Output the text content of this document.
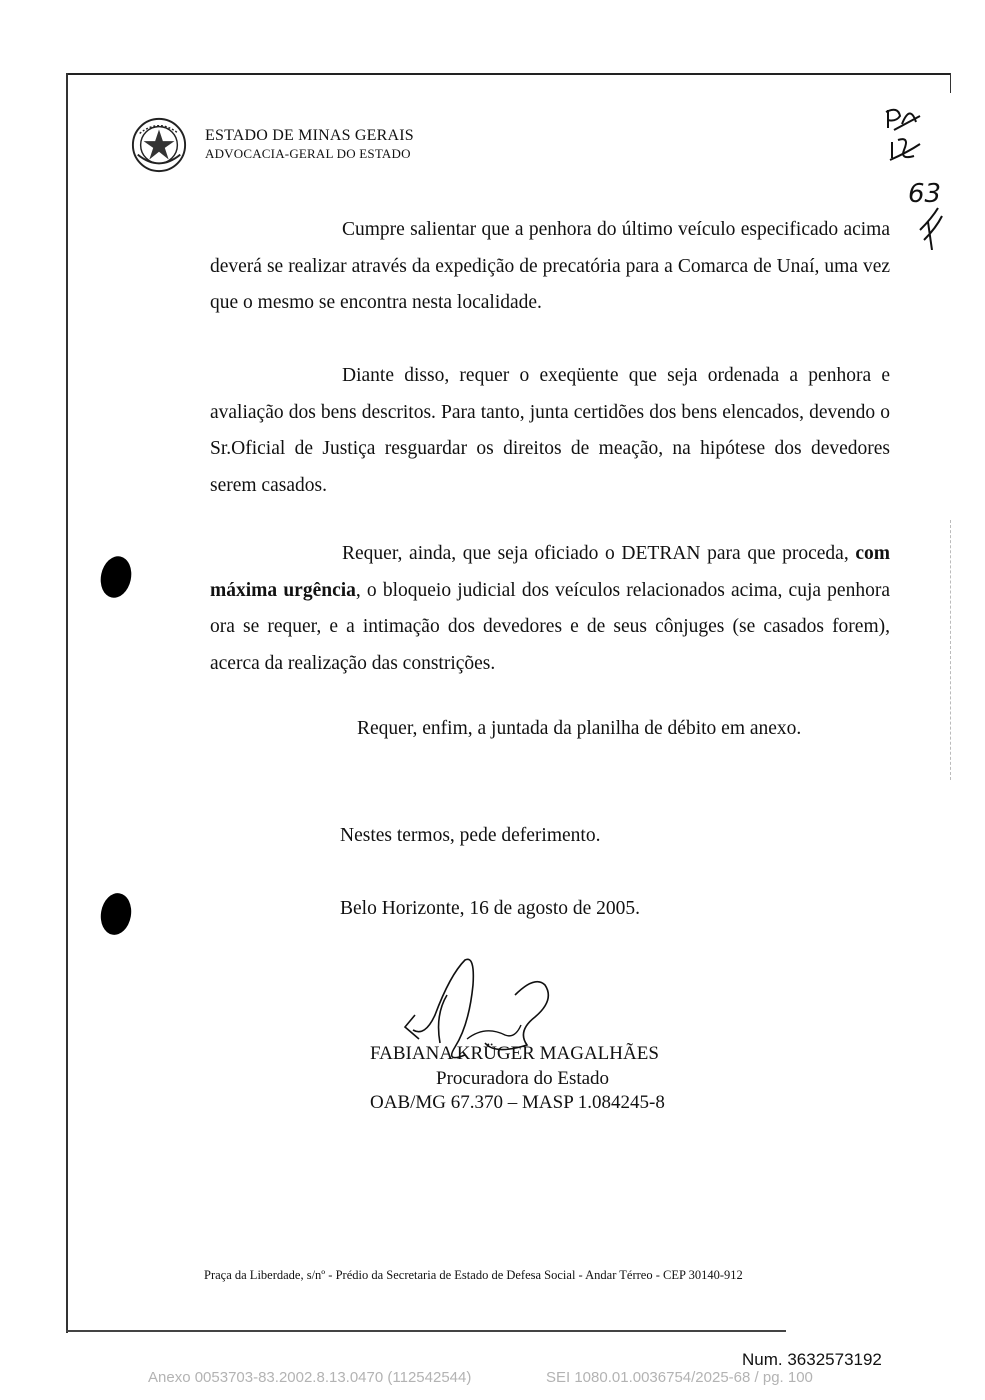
ESTADO DE MINAS GERAIS
ADVOCACIA-GERAL DO ESTADO
63
Cumpre salientar que a penhora do último veículo especificado acima deverá se realizar através da expedição de precatória para a Comarca de Unaí, uma vez que o mesmo se encontra nesta localidade.
Diante disso, requer o exeqüente que seja ordenada a penhora e avaliação dos bens descritos. Para tanto, junta certidões dos bens elencados, devendo o Sr.Oficial de Justiça resguardar os direitos de meação, na hipótese dos devedores serem casados.
Requer, ainda, que seja oficiado o DETRAN para que proceda, com máxima urgência, o bloqueio judicial dos veículos relacionados acima, cuja penhora ora se requer, e a intimação dos devedores e de seus cônjuges (se casados forem), acerca da realização das constrições.
Requer, enfim, a juntada da planilha de débito em anexo.
Nestes termos, pede deferimento.
Belo Horizonte, 16 de agosto de 2005.
FABIANA KRÜGER MAGALHÃES
Procuradora do Estado
OAB/MG 67.370 – MASP 1.084245-8
Praça da Liberdade, s/nº - Prédio da Secretaria de Estado de Defesa Social - Andar Térreo - CEP 30140-912
Num. 3632573192
Anexo 0053703-83.2002.8.13.0470 (112542544)	SEI 1080.01.0036754/2025-68 / pg. 100
